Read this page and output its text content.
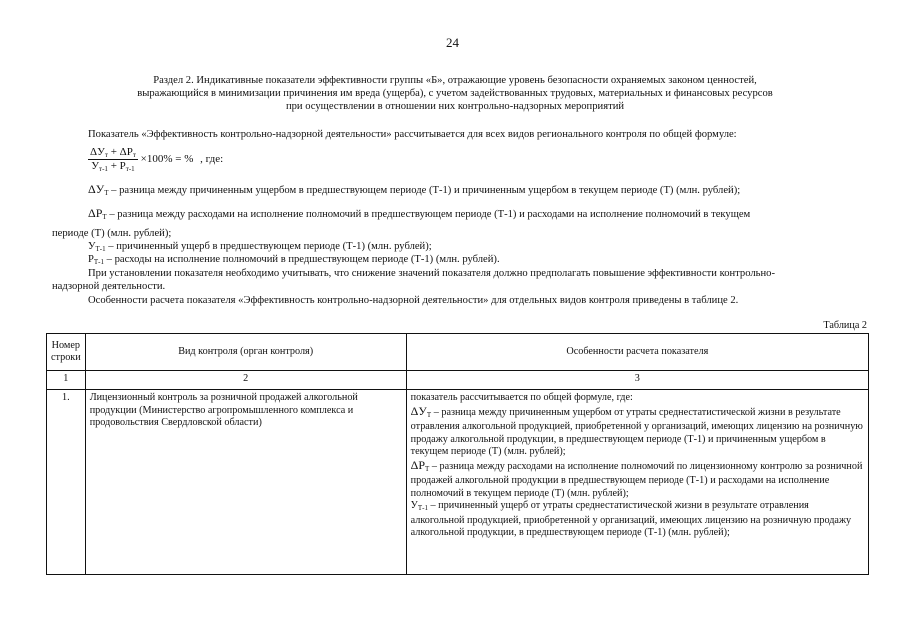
24
Раздел 2. Индикативные показатели эффективности группы «Б», отражающие уровень безопасности охраняемых законом ценностей,
выражающийся в минимизации причинения им вреда (ущерба), с учетом задействованных трудовых, материальных и финансовых ресурсов
при осуществлении в отношении них контрольно-надзорных мероприятий
Показатель «Эффективность контрольно-надзорной деятельности» рассчитывается для всех видов регионального контроля по общей формуле:
$\frac{\Delta У_т + \Delta Р_т}{У_{т-1} + Р_{т-1}} \times 100\%$ = % , где:
$\Delta У_Т$ – разница между причиненным ущербом в предшествующем периоде (Т-1) и причиненным ущербом в текущем периоде (Т) (млн. рублей);
$\Delta Р_Т$ – разница между расходами на исполнение полномочий в предшествующем периоде (Т-1) и расходами на исполнение полномочий в текущем
периоде (Т) (млн. рублей);
$У_{Т-1}$ – причиненный ущерб в предшествующем периоде (Т-1) (млн. рублей);
$Р_{Т-1}$ – расходы на исполнение полномочий в предшествующем периоде (Т-1) (млн. рублей).
При установлении показателя необходимо учитывать, что снижение значений показателя должно предполагать повышение эффективности контрольно-
надзорной деятельности.
Особенности расчета показателя «Эффективность контрольно-надзорной деятельности» для отдельных видов контроля приведены в таблице 2.
Таблица 2
Номер строки	Вид контроля (орган контроля)	Особенности расчета показателя
1	2	3
1.	Лицензионный контроль за розничной продажей алкогольной продукции (Министерство агропромышленного комплекса и продовольствия Свердловской области)	показатель рассчитывается по общей формуле, где:
$\Delta У_Т$ – разница между причиненным ущербом от утраты среднестатистической жизни в результате отравления алкогольной продукцией, приобретенной у организаций, имеющих лицензию на розничную продажу алкогольной продукции, в предшествующем периоде (Т-1) и причиненным ущербом в текущем периоде (Т) (млн. рублей);
$\Delta Р_Т$ – разница между расходами на исполнение полномочий по лицензионному контролю за розничной продажей алкогольной продукции в предшествующем периоде (Т-1) и расходами на исполнение полномочий в текущем периоде (Т) (млн. рублей);
$У_{Т-1}$ – причиненный ущерб от утраты среднестатистической жизни в результате отравления алкогольной продукцией, приобретенной у организаций, имеющих лицензию на розничную продажу алкогольной продукции, в предшествующем периоде (Т-1) (млн. рублей);
